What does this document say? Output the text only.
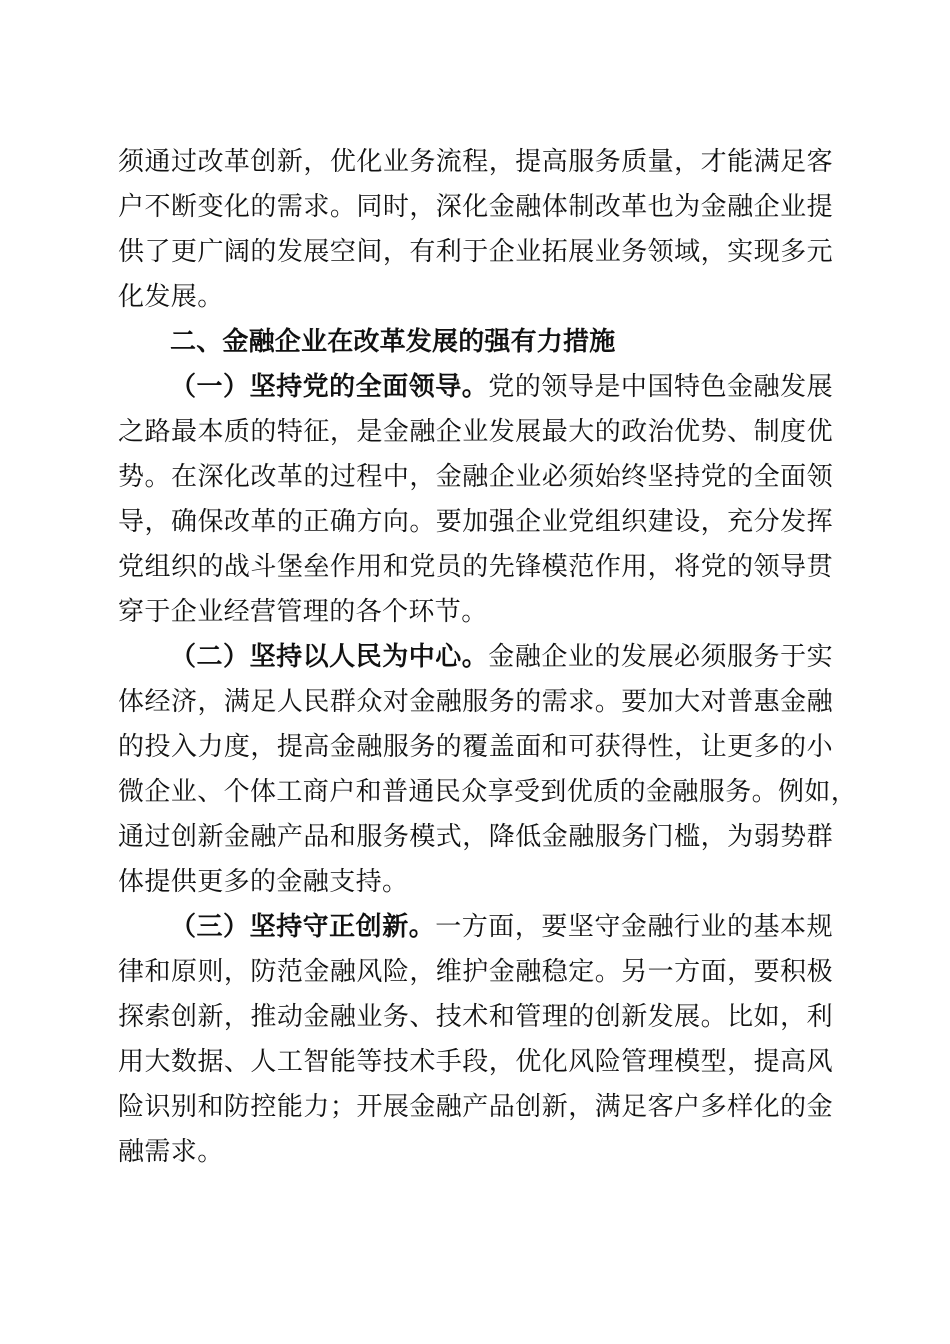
须通过改革创新，优化业务流程，提高服务质量，才能满足客
户不断变化的需求。同时，深化金融体制改革也为金融企业提
供了更广阔的发展空间，有利于企业拓展业务领域，实现多元
化发展。
二、金融企业在改革发展的强有力措施
（一）坚持党的全面领导。党的领导是中国特色金融发展
之路最本质的特征，是金融企业发展最大的政治优势、制度优
势。在深化改革的过程中，金融企业必须始终坚持党的全面领
导，确保改革的正确方向。要加强企业党组织建设，充分发挥
党组织的战斗堡垒作用和党员的先锋模范作用，将党的领导贯
穿于企业经营管理的各个环节。
（二）坚持以人民为中心。金融企业的发展必须服务于实
体经济，满足人民群众对金融服务的需求。要加大对普惠金融
的投入力度，提高金融服务的覆盖面和可获得性，让更多的小
微企业、个体工商户和普通民众享受到优质的金融服务。例如，
通过创新金融产品和服务模式，降低金融服务门槛，为弱势群
体提供更多的金融支持。
（三）坚持守正创新。一方面，要坚守金融行业的基本规
律和原则，防范金融风险，维护金融稳定。另一方面，要积极
探索创新，推动金融业务、技术和管理的创新发展。比如，利
用大数据、人工智能等技术手段，优化风险管理模型，提高风
险识别和防控能力；开展金融产品创新，满足客户多样化的金
融需求。
